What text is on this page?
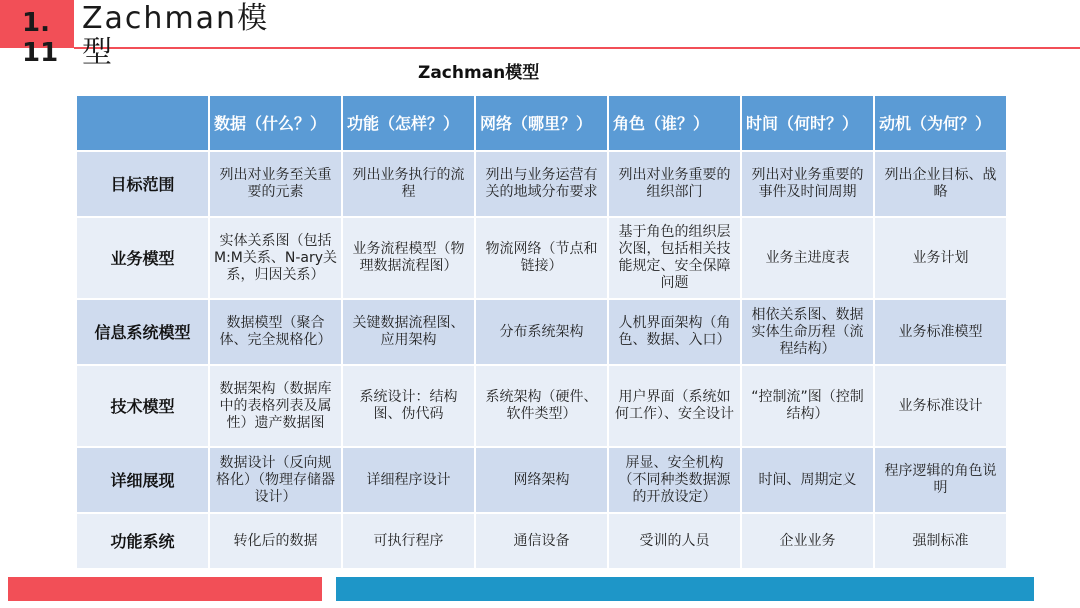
1.11
Zachman模型
Zachman模型
	数据（什么？）	功能（怎样？）	网络（哪里？）	角色（谁？）	时间（何时？）	动机（为何？）
目标范围	列出对业务至关重要的元素	列出业务执行的流程	列出与业务运营有关的地域分布要求	列出对业务重要的组织部门	列出对业务重要的事件及时间周期	列出企业目标、战略
业务模型	实体关系图（包括M:M关系、N-ary关系，归因关系）	业务流程模型（物理数据流程图）	物流网络（节点和链接）	基于角色的组织层次图，包括相关技能规定、安全保障问题	业务主进度表	业务计划
信息系统模型	数据模型（聚合体、完全规格化）	关键数据流程图、应用架构	分布系统架构	人机界面架构（角色、数据、入口）	相依关系图、数据实体生命历程（流程结构）	业务标准模型
技术模型	数据架构（数据库中的表格列表及属性）遗产数据图	系统设计：结构图、伪代码	系统架构（硬件、软件类型）	用户界面（系统如何工作）、安全设计	“控制流”图（控制结构）	业务标准设计
详细展现	数据设计（反向规格化）（物理存储器设计）	详细程序设计	网络架构	屏显、安全机构（不同种类数据源的开放设定）	时间、周期定义	程序逻辑的角色说明
功能系统	转化后的数据	可执行程序	通信设备	受训的人员	企业业务	强制标准
